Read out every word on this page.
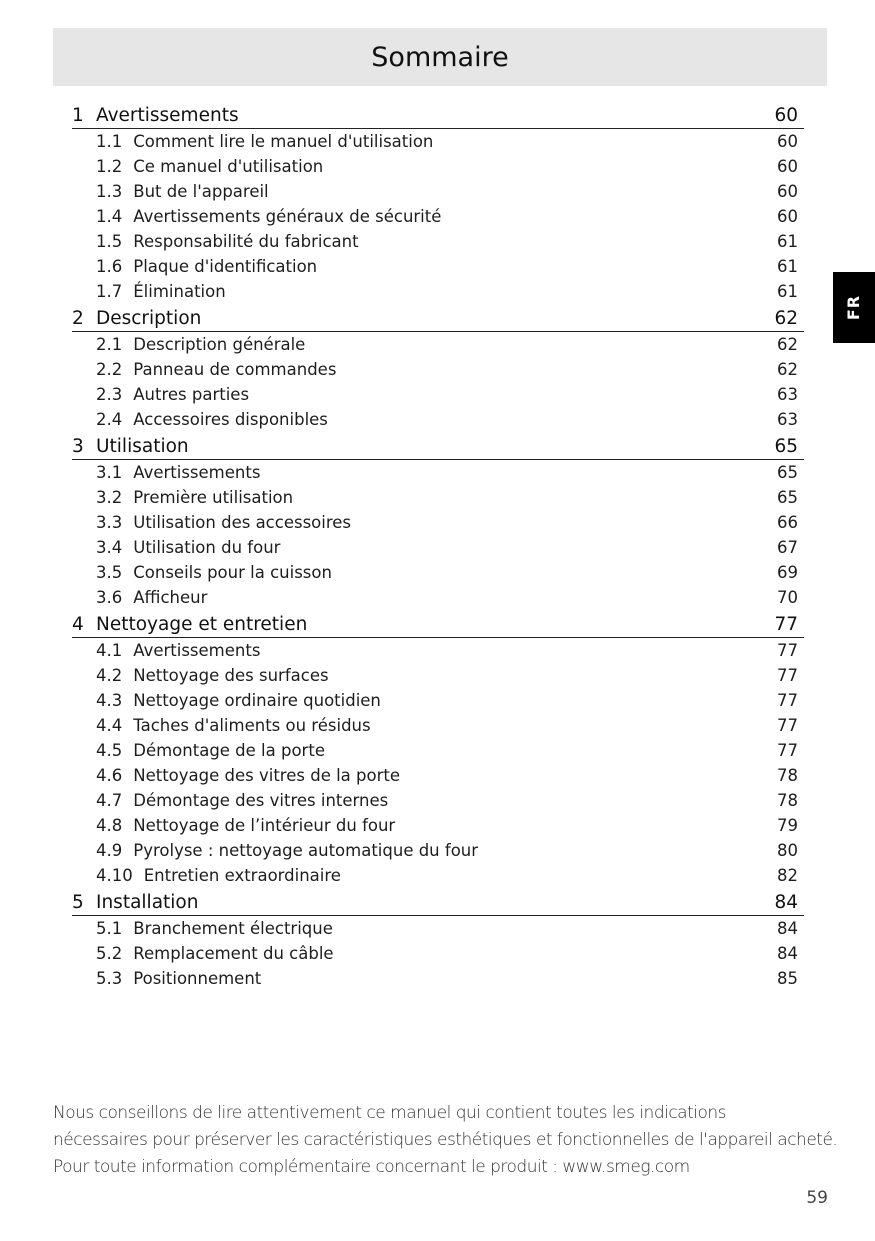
Sommaire
FR
1 Avertissements	60
1.1 Comment lire le manuel d'utilisation	60
1.2 Ce manuel d'utilisation	60
1.3 But de l'appareil	60
1.4 Avertissements généraux de sécurité	60
1.5 Responsabilité du fabricant	61
1.6 Plaque d'identification	61
1.7 Élimination	61
2 Description	62
2.1 Description générale	62
2.2 Panneau de commandes	62
2.3 Autres parties	63
2.4 Accessoires disponibles	63
3 Utilisation	65
3.1 Avertissements	65
3.2 Première utilisation	65
3.3 Utilisation des accessoires	66
3.4 Utilisation du four	67
3.5 Conseils pour la cuisson	69
3.6 Afficheur	70
4 Nettoyage et entretien	77
4.1 Avertissements	77
4.2 Nettoyage des surfaces	77
4.3 Nettoyage ordinaire quotidien	77
4.4 Taches d'aliments ou résidus	77
4.5 Démontage de la porte	77
4.6 Nettoyage des vitres de la porte	78
4.7 Démontage des vitres internes	78
4.8 Nettoyage de l’intérieur du four	79
4.9 Pyrolyse : nettoyage automatique du four	80
4.10 Entretien extraordinaire	82
5 Installation	84
5.1 Branchement électrique	84
5.2 Remplacement du câble	84
5.3 Positionnement	85
Nous conseillons de lire attentivement ce manuel qui contient toutes les indications
nécessaires pour préserver les caractéristiques esthétiques et fonctionnelles de l'appareil acheté.
Pour toute information complémentaire concernant le produit : www.smeg.com
59
